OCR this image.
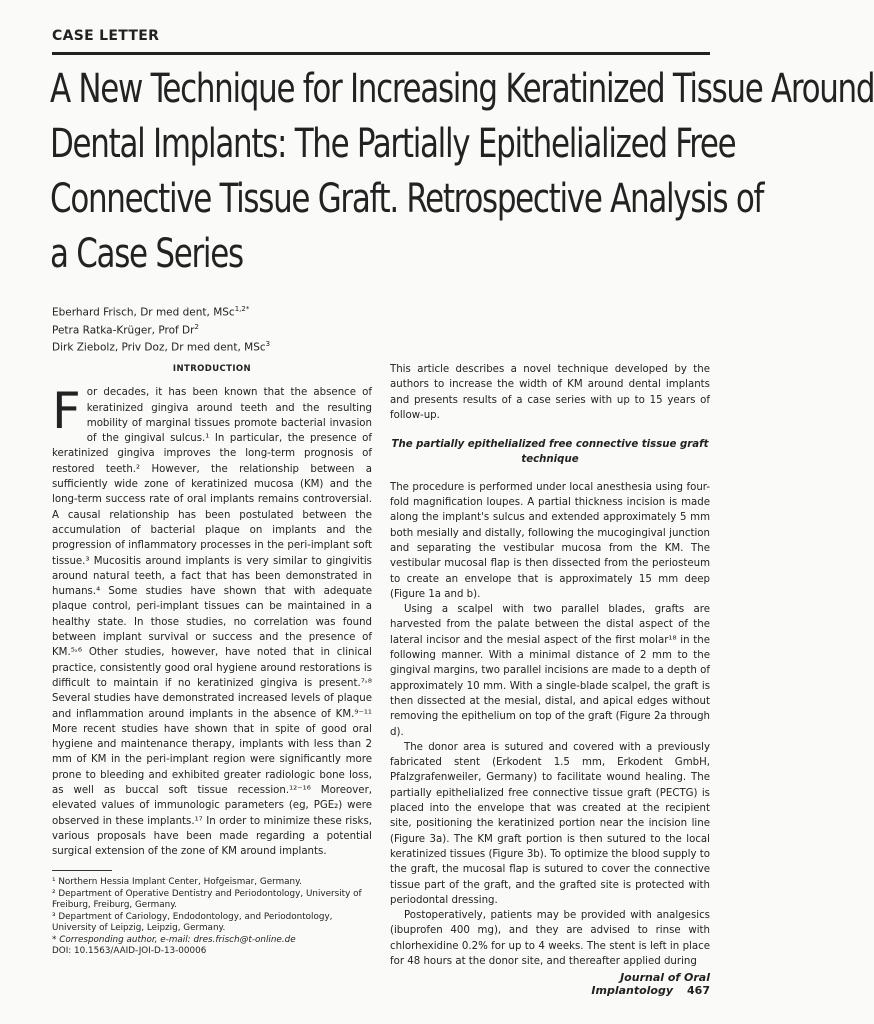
CASE LETTER
A New Technique for Increasing Keratinized Tissue Around
Dental Implants: The Partially Epithelialized Free
Connective Tissue Graft. Retrospective Analysis of
a Case Series
Eberhard Frisch, Dr med dent, MSc$^{1,2*}$
Petra Ratka-Krüger, Prof Dr$^2$
Dirk Ziebolz, Priv Doz, Dr med dent, MSc$^3$
INTRODUCTION

For decades, it has been known that the absence of keratinized gingiva around teeth and the resulting mobility of marginal tissues promote bacterial invasion of the gingival sulcus.¹ In particular, the presence of keratinized gingiva improves the long-term prognosis of restored teeth.² However, the relationship between a sufficiently wide zone of keratinized mucosa (KM) and the long-term success rate of oral implants remains controversial. A causal relationship has been postulated between the accumulation of bacterial plaque on implants and the progression of inflammatory processes in the peri-implant soft tissue.³ Mucositis around implants is very similar to gingivitis around natural teeth, a fact that has been demonstrated in humans.⁴ Some studies have shown that with adequate plaque control, peri-implant tissues can be maintained in a healthy state. In those studies, no correlation was found between implant survival or success and the presence of KM.⁵˒⁶ Other studies, however, have noted that in clinical practice, consistently good oral hygiene around restorations is difficult to maintain if no keratinized gingiva is present.⁷˒⁸ Several studies have demonstrated increased levels of plaque and inflammation around implants in the absence of KM.⁹⁻¹¹ More recent studies have shown that in spite of good oral hygiene and maintenance therapy, implants with less than 2 mm of KM in the peri-implant region were significantly more prone to bleeding and exhibited greater radiologic bone loss, as well as buccal soft tissue recession.¹²⁻¹⁶ Moreover, elevated values of immunologic parameters (eg, PGE₂) were observed in these implants.¹⁷ In order to minimize these risks, various proposals have been made regarding a potential surgical extension of the zone of KM around implants.

This article describes a novel technique developed by the authors to increase the width of KM around dental implants and presents results of a case series with up to 15 years of follow-up.

The partially epithelialized free connective tissue graft technique

The procedure is performed under local anesthesia using four-fold magnification loupes. A partial thickness incision is made along the implant's sulcus and extended approximately 5 mm both mesially and distally, following the mucogingival junction and separating the vestibular mucosa from the KM. The vestibular mucosal flap is then dissected from the periosteum to create an envelope that is approximately 15 mm deep (Figure 1a and b).

Using a scalpel with two parallel blades, grafts are harvested from the palate between the distal aspect of the lateral incisor and the mesial aspect of the first molar¹⁸ in the following manner. With a minimal distance of 2 mm to the gingival margins, two parallel incisions are made to a depth of approximately 10 mm. With a single-blade scalpel, the graft is then dissected at the mesial, distal, and apical edges without removing the epithelium on top of the graft (Figure 2a through d).

The donor area is sutured and covered with a previously fabricated stent (Erkodent 1.5 mm, Erkodent GmbH, Pfalzgrafenweiler, Germany) to facilitate wound healing. The partially epithelialized free connective tissue graft (PECTG) is placed into the envelope that was created at the recipient site, positioning the keratinized portion near the incision line (Figure 3a). The KM graft portion is then sutured to the local keratinized tissues (Figure 3b). To optimize the blood supply to the graft, the mucosal flap is sutured to cover the connective tissue part of the graft, and the grafted site is protected with periodontal dressing.

Postoperatively, patients may be provided with analgesics (ibuprofen 400 mg), and they are advised to rinse with chlorhexidine 0.2% for up to 4 weeks. The stent is left in place for 48 hours at the donor site, and thereafter applied during

¹ Northern Hessia Implant Center, Hofgeismar, Germany.
² Department of Operative Dentistry and Periodontology, University of Freiburg, Freiburg, Germany.
³ Department of Cariology, Endodontology, and Periodontology, University of Leipzig, Leipzig, Germany.
* Corresponding author, e-mail: dres.frisch@t-online.de
DOI: 10.1563/AAID-JOI-D-13-00006
Journal of Oral Implantology 467
